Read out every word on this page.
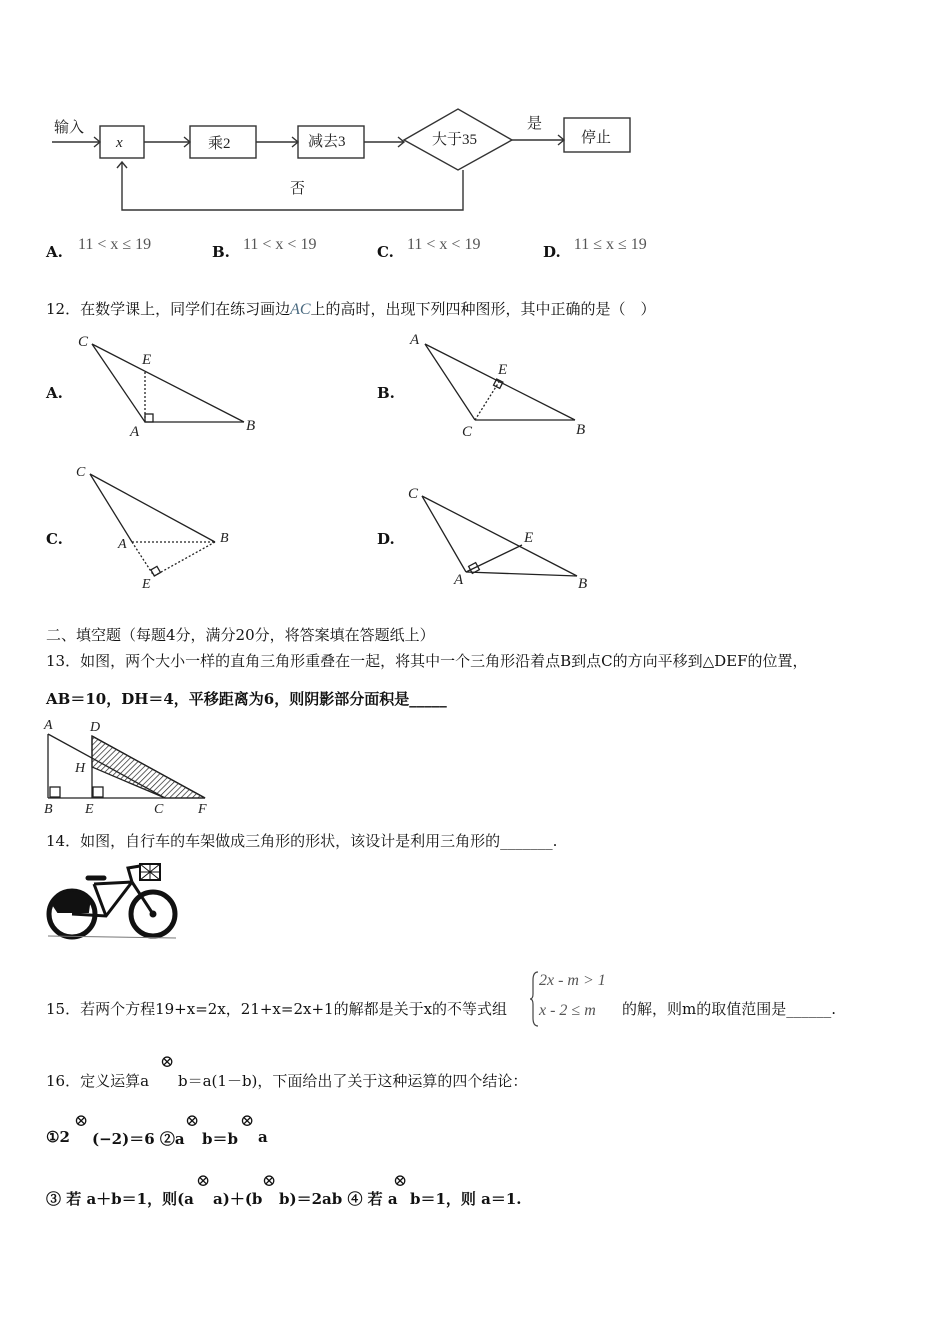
输入
x	乘2	减去3	大于35
是
停止
否
A. 11 < x ≤ 19	B. 11 < x < 19	C. 11 < x < 19	D. 11 ≤ x ≤ 19
12．在数学课上，同学们在练习画边AC上的高时，出现下列四种图形，其中正确的是（　）
A.	B.
C.	D.
C
E
A	B
A
E
C	B
C
A	B
E
C
E
A	B
二、填空题（每题4分，满分20分，将答案填在答题纸上）
13．如图，两个大小一样的直角三角形重叠在一起，将其中一个三角形沿着点B到点C的方向平移到△DEF的位置，
AB＝10，DH＝4，平移距离为6，则阴影部分面积是_____
A	D
H
B E	C F
14．如图，自行车的车架做成三角形的形状，该设计是利用三角形的_______.
15．若两个方程19+x=2x，21+x=2x+1的解都是关于x的不等式组
2x - m > 1
x - 2 ≤ m 的解，则m的取值范围是______.
16．定义运算a
⊗
b＝a(1－b)，下面给出了关于这种运算的四个结论：
①2
⊗
(−2)＝6 ②a
⊗
b＝b
⊗
a
③ 若 a＋b＝1，则(a
⊗
a)＋(b
⊗
b)＝2ab ④ 若 a
⊗
b＝1，则 a＝1.
